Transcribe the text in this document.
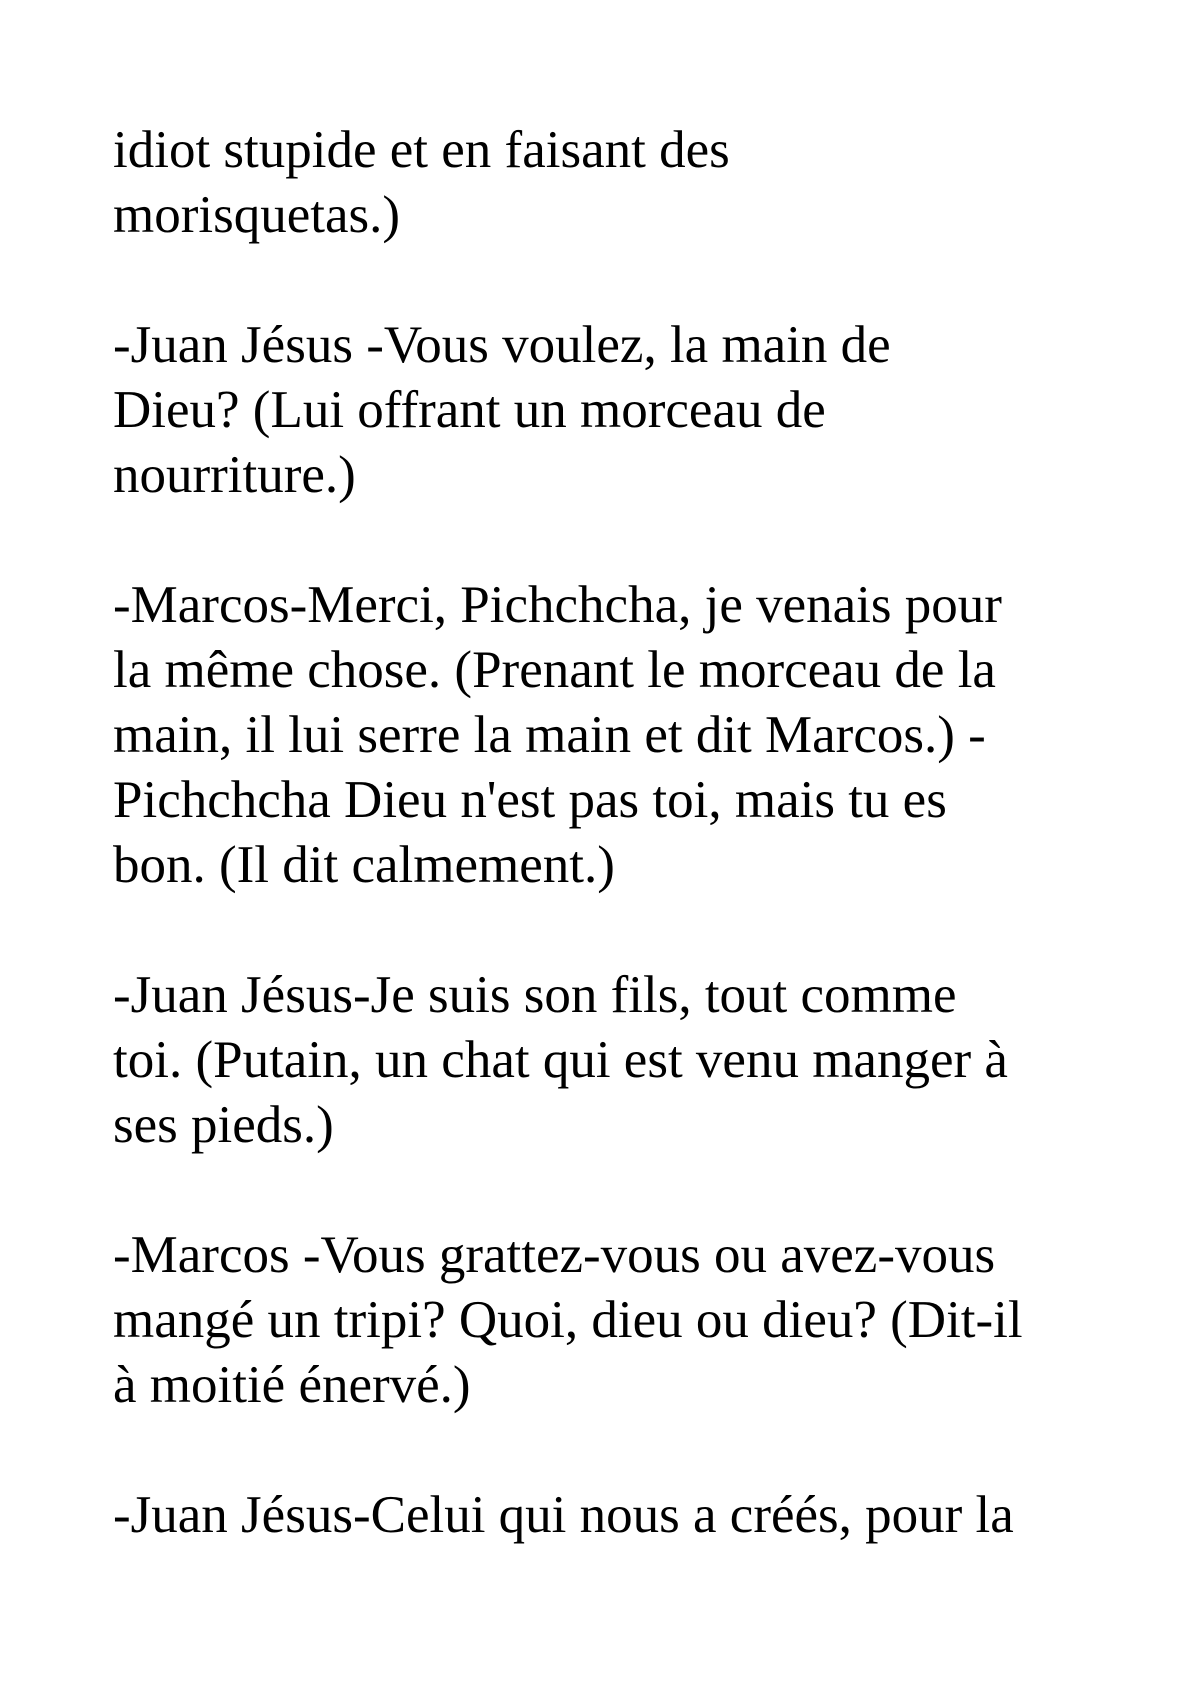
idiot stupide et en faisant des
morisquetas.)
-Juan Jésus -Vous voulez, la main de
Dieu? (Lui offrant un morceau de
nourriture.)
-Marcos-Merci, Pichchcha, je venais pour
la même chose. (Prenant le morceau de la
main, il lui serre la main et dit Marcos.) -
Pichchcha Dieu n'est pas toi, mais tu es
bon. (Il dit calmement.)
-Juan Jésus-Je suis son fils, tout comme
toi. (Putain, un chat qui est venu manger à
ses pieds.)
-Marcos -Vous grattez-vous ou avez-vous
mangé un tripi? Quoi, dieu ou dieu? (Dit-il
à moitié énervé.)
-Juan Jésus-Celui qui nous a créés, pour la
